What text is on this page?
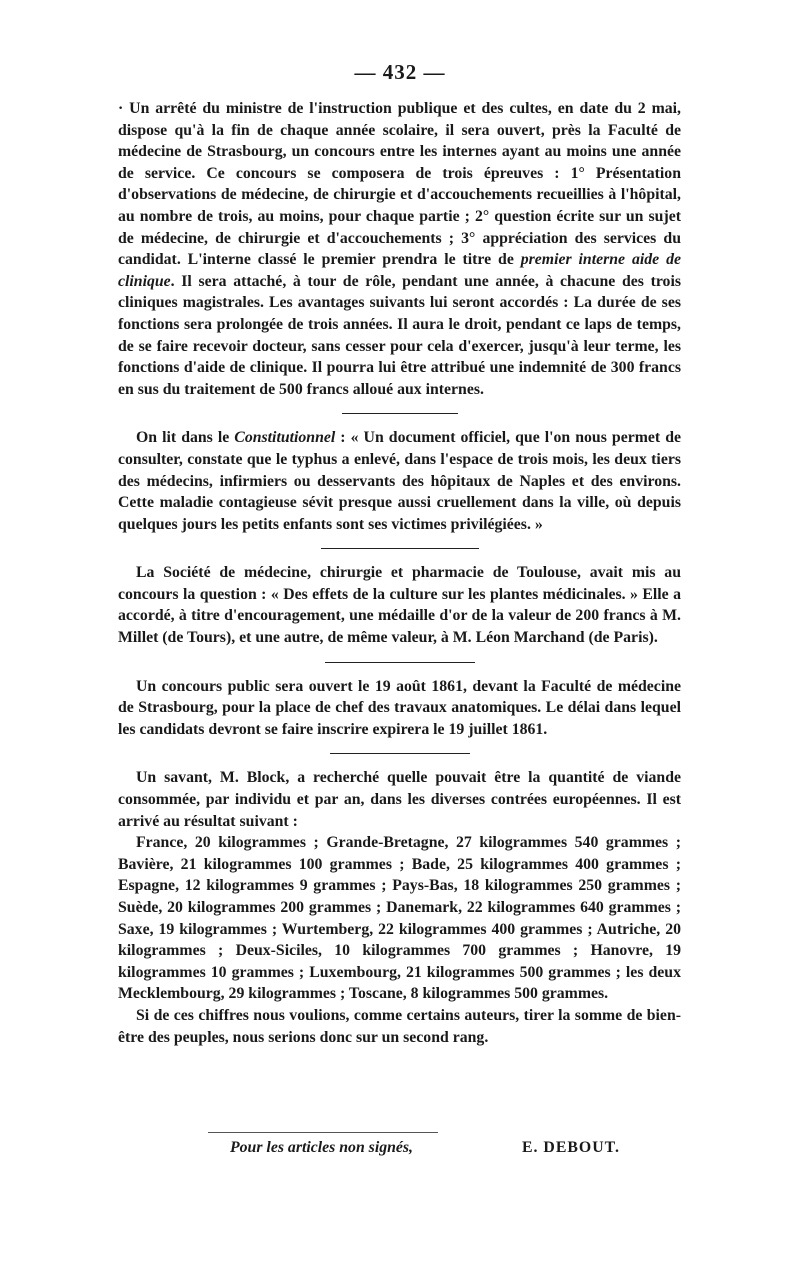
— 432 —

· Un arrêté du ministre de l'instruction publique et des cultes, en date du 2 mai, dispose qu'à la fin de chaque année scolaire, il sera ouvert, près la Faculté de médecine de Strasbourg, un concours entre les internes ayant au moins une année de service. Ce concours se composera de trois épreuves : 1° Présentation d'observations de médecine, de chirurgie et d'accouchements recueillies à l'hôpital, au nombre de trois, au moins, pour chaque partie ; 2° question écrite sur un sujet de médecine, de chirurgie et d'accouchements ; 3° appréciation des services du candidat. L'interne classé le premier prendra le titre de premier interne aide de clinique. Il sera attaché, à tour de rôle, pendant une année, à chacune des trois cliniques magistrales. Les avantages suivants lui seront accordés : La durée de ses fonctions sera prolongée de trois années. Il aura le droit, pendant ce laps de temps, de se faire recevoir docteur, sans cesser pour cela d'exercer, jusqu'à leur terme, les fonctions d'aide de clinique. Il pourra lui être attribué une indemnité de 300 francs en sus du traitement de 500 francs alloué aux internes.

On lit dans le Constitutionnel : « Un document officiel, que l'on nous permet de consulter, constate que le typhus a enlevé, dans l'espace de trois mois, les deux tiers des médecins, infirmiers ou desservants des hôpitaux de Naples et des environs. Cette maladie contagieuse sévit presque aussi cruellement dans la ville, où depuis quelques jours les petits enfants sont ses victimes privilégiées. »

La Société de médecine, chirurgie et pharmacie de Toulouse, avait mis au concours la question : « Des effets de la culture sur les plantes médicinales. » Elle a accordé, à titre d'encouragement, une médaille d'or de la valeur de 200 francs à M. Millet (de Tours), et une autre, de même valeur, à M. Léon Marchand (de Paris).

Un concours public sera ouvert le 19 août 1861, devant la Faculté de médecine de Strasbourg, pour la place de chef des travaux anatomiques. Le délai dans lequel les candidats devront se faire inscrire expirera le 19 juillet 1861.

Un savant, M. Block, a recherché quelle pouvait être la quantité de viande consommée, par individu et par an, dans les diverses contrées européennes. Il est arrivé au résultat suivant :

France, 20 kilogrammes ; Grande-Bretagne, 27 kilogrammes 540 grammes ; Bavière, 21 kilogrammes 100 grammes ; Bade, 25 kilogrammes 400 grammes ; Espagne, 12 kilogrammes 9 grammes ; Pays-Bas, 18 kilogrammes 250 grammes ; Suède, 20 kilogrammes 200 grammes ; Danemark, 22 kilogrammes 640 grammes ; Saxe, 19 kilogrammes ; Wurtemberg, 22 kilogrammes 400 grammes ; Autriche, 20 kilogrammes ; Deux-Siciles, 10 kilogrammes 700 grammes ; Hanovre, 19 kilogrammes 10 grammes ; Luxembourg, 21 kilogrammes 500 grammes ; les deux Mecklembourg, 29 kilogrammes ; Toscane, 8 kilogrammes 500 grammes.

Si de ces chiffres nous voulions, comme certains auteurs, tirer la somme de bien-être des peuples, nous serions donc sur un second rang.

Pour les articles non signés,	E. DEBOUT.
